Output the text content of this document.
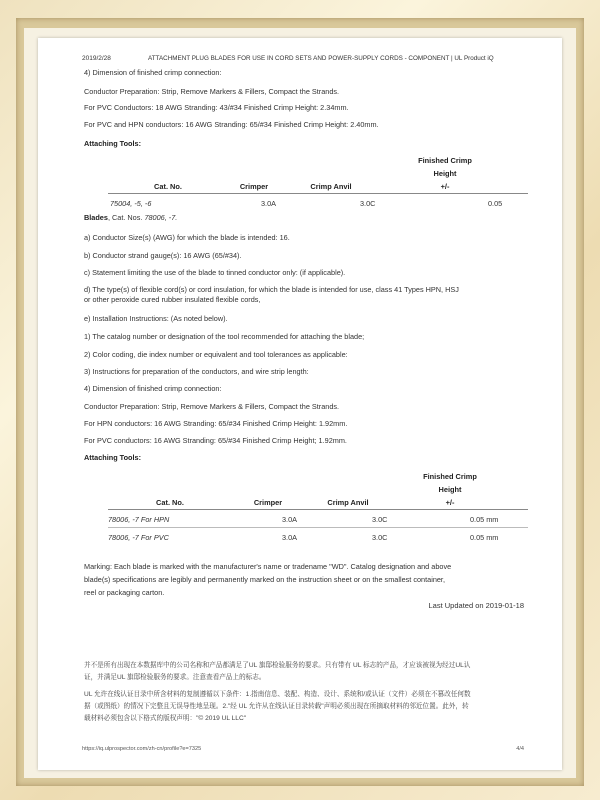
2019/2/28	ATTACHMENT PLUG BLADES FOR USE IN CORD SETS AND POWER-SUPPLY CORDS - COMPONENT | UL Product iQ
4) Dimension of finished crimp connection:
Conductor Preparation: Strip, Remove Markers & Fillers, Compact the Strands.
For PVC Conductors: 18 AWG Stranding: 43/#34 Finished Crimp Height: 2.34mm.
For PVC and HPN conductors: 16 AWG Stranding: 65/#34 Finished Crimp Height: 2.40mm.
Attaching Tools:
Finished Crimp
Height
+/-
Cat. No.	Crimper	Crimp Anvil
75004, -5, -6	3.0A	3.0C	0.05
Blades, Cat. Nos. 78006, -7.
a) Conductor Size(s) (AWG) for which the blade is intended: 16.
b) Conductor strand gauge(s): 16 AWG (65/#34).
c) Statement limiting the use of the blade to tinned conductor only: (if applicable).
d) The type(s) of flexible cord(s) or cord insulation, for which the blade is intended for use, class 41 Types HPN, HSJ
or other peroxide cured rubber insulated flexible cords,
e) Installation Instructions: (As noted below).
1) The catalog number or designation of the tool recommended for attaching the blade;
2) Color coding, die index number or equivalent and tool tolerances as applicable:
3) Instructions for preparation of the conductors, and wire strip length:
4) Dimension of finished crimp connection:
Conductor Preparation: Strip, Remove Markers & Fillers, Compact the Strands.
For HPN conductors: 16 AWG Stranding: 65/#34 Finished Crimp Height: 1.92mm.
For PVC conductors: 16 AWG Stranding: 65/#34 Finished Crimp Height; 1.92mm.
Attaching Tools:
Finished Crimp
Height
+/-
Cat. No.	Crimper	Crimp Anvil
78006, -7 For HPN	3.0A	3.0C	0.05 mm
78006, -7 For PVC	3.0A	3.0C	0.05 mm
Marking: Each blade is marked with the manufacturer's name or tradename "WD". Catalog designation and above
blade(s) specifications are legibly and permanently marked on the instruction sheet or on the smallest container,
reel or packaging carton.
Last Updated on 2019-01-18
并不是所有出现在本数据库中的公司名称和产品都满足了UL 旗邸检验服务的要求。只有带有 UL 标志的产品，才应该被视为经过UL认
证，并满足UL 旗邸检验服务的要求。注意查看产品上的标志。
UL 允许在线认证目录中所含材料的复制遵循以下条件：1.指南信息、装配、构造、设计、系统和/或认证（文件）必须在不篡改任何数
据（或图纸）的情况下完整且无误导性地呈现。2."经 UL 允许从在线认证目录转载"声明必须出现在所摘取材料的邻近位置。此外，转
载材料必须包含以下格式的版权声明："© 2019 UL LLC"
https://iq.ulprospector.com/zh-cn/profile?e=7325	4/4
